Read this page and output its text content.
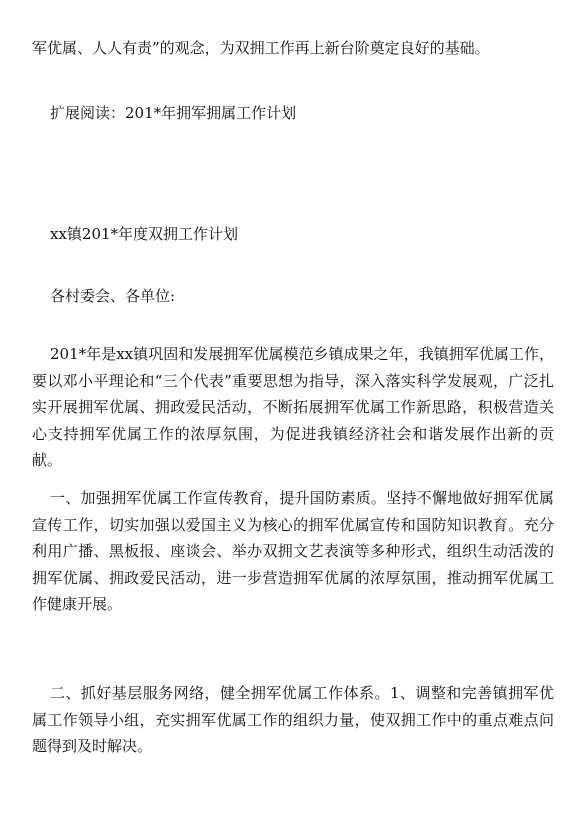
军优属、人人有责”的观念，为双拥工作再上新台阶奠定良好的基础。
扩展阅读：201*年拥军拥属工作计划
xx镇201*年度双拥工作计划
各村委会、各单位:
201*年是xx镇巩固和发展拥军优属模范乡镇成果之年，我镇拥军优属工作，要以邓小平理论和“三个代表”重要思想为指导，深入落实科学发展观，广泛扎实开展拥军优属、拥政爱民活动，不断拓展拥军优属工作新思路，积极营造关心支持拥军优属工作的浓厚氛围，为促进我镇经济社会和谐发展作出新的贡献。
一、加强拥军优属工作宣传教育，提升国防素质。坚持不懈地做好拥军优属宣传工作，切实加强以爱国主义为核心的拥军优属宣传和国防知识教育。充分利用广播、黑板报、座谈会、举办双拥文艺表演等多种形式，组织生动活泼的拥军优属、拥政爱民活动，进一步营造拥军优属的浓厚氛围，推动拥军优属工作健康开展。
二、抓好基层服务网络，健全拥军优属工作体系。1、调整和完善镇拥军优属工作领导小组，充实拥军优属工作的组织力量，使双拥工作中的重点难点问题得到及时解决。
